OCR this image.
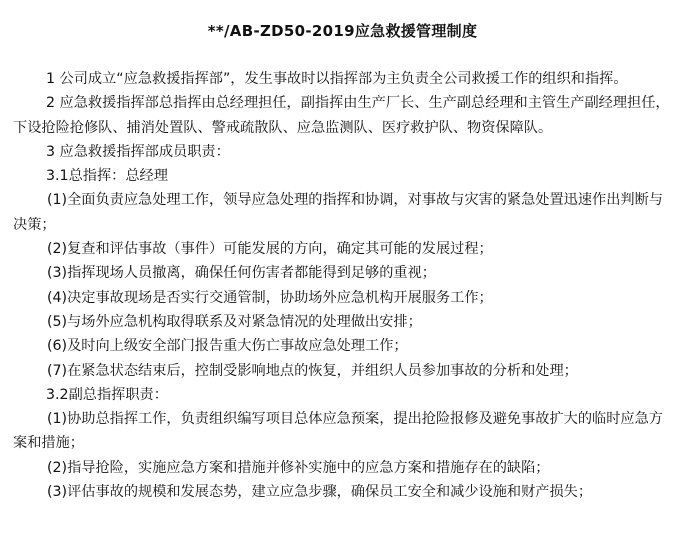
**/AB-ZD50-2019应急救援管理制度

1 公司成立“应急救援指挥部”，发生事故时以指挥部为主负责全公司救援工作的组织和指挥。

2 应急救援指挥部总指挥由总经理担任，副指挥由生产厂长、生产副总经理和主管生产副经理担任，下设抢险抢修队、捕消处置队、警戒疏散队、应急监测队、医疗救护队、物资保障队。

3 应急救援指挥部成员职责：

3.1总指挥：总经理

(1)全面负责应急处理工作，领导应急处理的指挥和协调，对事故与灾害的紧急处置迅速作出判断与决策；

(2)复查和评估事故（事件）可能发展的方向，确定其可能的发展过程；

(3)指挥现场人员撤离，确保任何伤害者都能得到足够的重视；

(4)决定事故现场是否实行交通管制，协助场外应急机构开展服务工作；

(5)与场外应急机构取得联系及对紧急情况的处理做出安排；

(6)及时向上级安全部门报告重大伤亡事故应急处理工作；

(7)在紧急状态结束后，控制受影响地点的恢复，并组织人员参加事故的分析和处理；

3.2副总指挥职责：

(1)协助总指挥工作，负责组织编写项目总体应急预案，提出抢险报修及避免事故扩大的临时应急方案和措施；

(2)指导抢险，实施应急方案和措施并修补实施中的应急方案和措施存在的缺陷；

(3)评估事故的规模和发展态势，建立应急步骤，确保员工安全和减少设施和财产损失；
